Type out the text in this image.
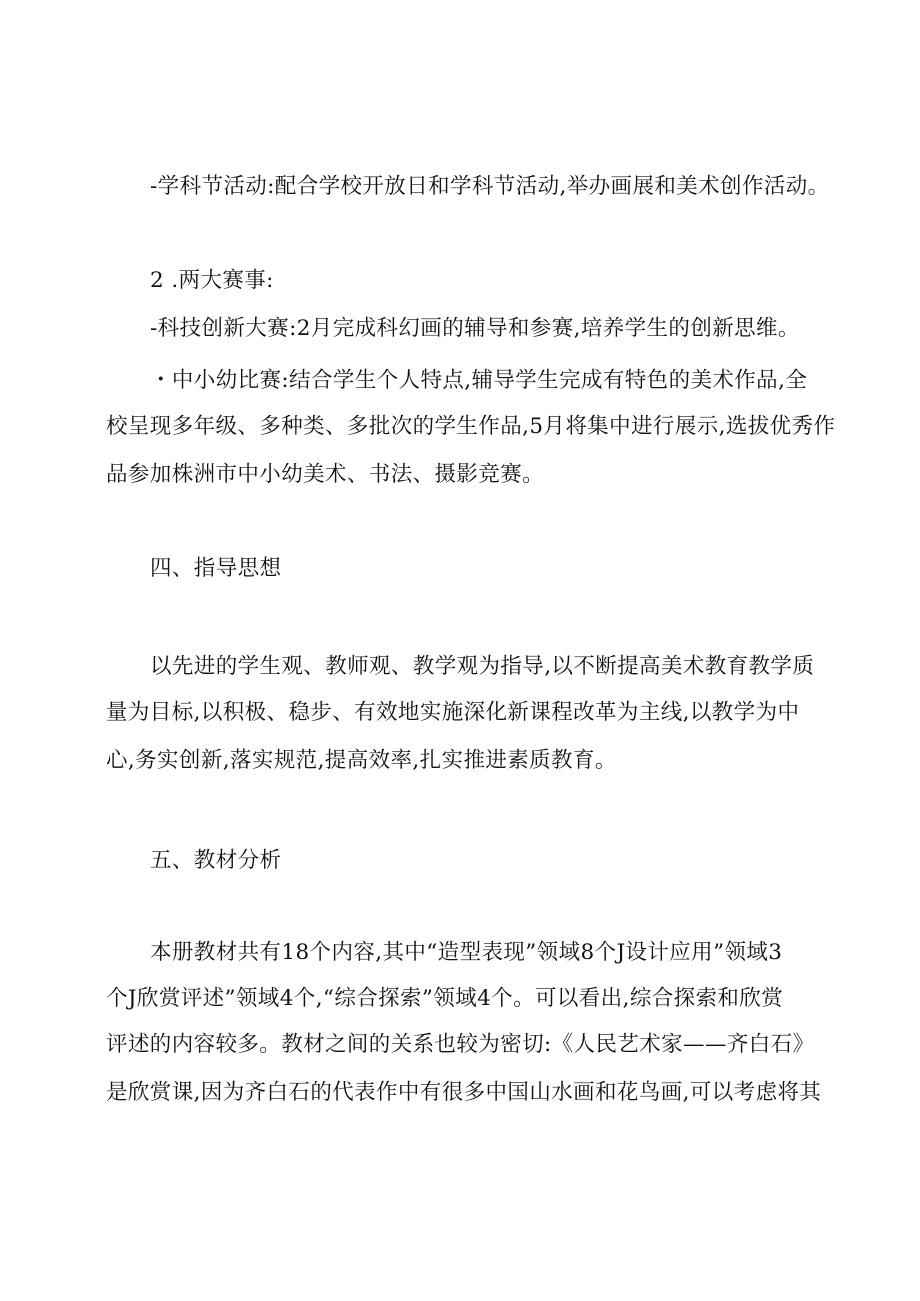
-学科节活动:配合学校开放日和学科节活动,举办画展和美术创作活动。
2 .两大赛事:
-科技创新大赛:2月完成科幻画的辅导和参赛,培养学生的创新思维。
・中小幼比赛:结合学生个人特点,辅导学生完成有特色的美术作品,全
校呈现多年级、多种类、多批次的学生作品,5月将集中进行展示,选拔优秀作
品参加株洲市中小幼美术、书法、摄影竞赛。
四、指导思想
以先进的学生观、教师观、教学观为指导,以不断提高美术教育教学质
量为目标,以积极、稳步、有效地实施深化新课程改革为主线,以教学为中
心,务实创新,落实规范,提高效率,扎实推进素质教育。
五、教材分析
本册教材共有18个内容,其中“造型表现”领域8个J设计应用”领域3
个J欣赏评述”领域4个,“综合探索”领域4个。可以看出,综合探索和欣赏
评述的内容较多。教材之间的关系也较为密切:《人民艺术家——齐白石》
是欣赏课,因为齐白石的代表作中有很多中国山水画和花鸟画,可以考虑将其
